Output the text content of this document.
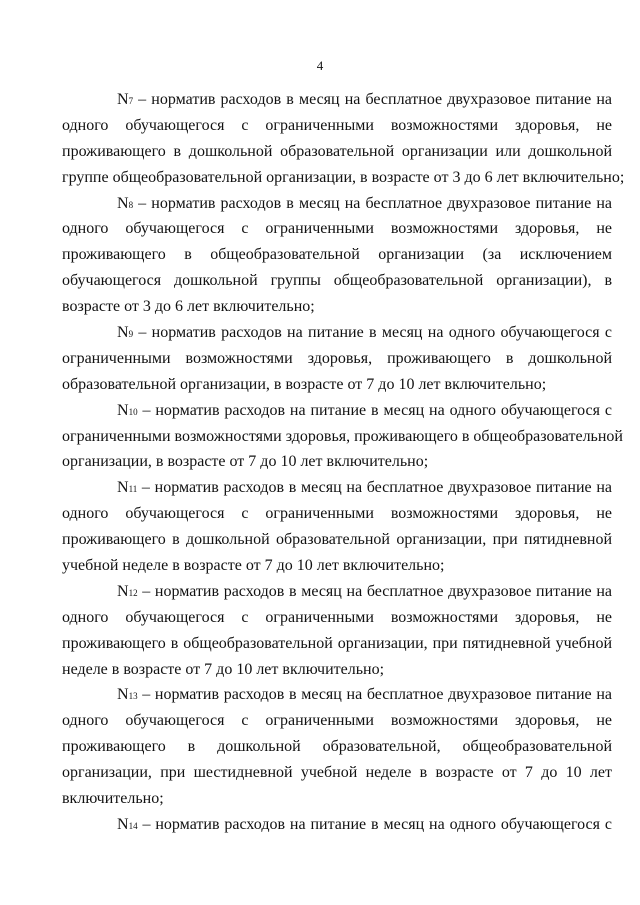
4
N7 – норматив расходов в месяц на бесплатное двухразовое питание на
одного обучающегося с ограниченными возможностями здоровья, не
проживающего в дошкольной образовательной организации или дошкольной
группе общеобразовательной организации, в возрасте от 3 до 6 лет включительно;
N8 – норматив расходов в месяц на бесплатное двухразовое питание на
одного обучающегося с ограниченными возможностями здоровья, не
проживающего в общеобразовательной организации (за исключением
обучающегося дошкольной группы общеобразовательной организации), в
возрасте от 3 до 6 лет включительно;
N9 – норматив расходов на питание в месяц на одного обучающегося с
ограниченными возможностями здоровья, проживающего в дошкольной
образовательной организации, в возрасте от 7 до 10 лет включительно;
N10 – норматив расходов на питание в месяц на одного обучающегося с
ограниченными возможностями здоровья, проживающего в общеобразовательной
организации, в возрасте от 7 до 10 лет включительно;
N11 – норматив расходов в месяц на бесплатное двухразовое питание на
одного обучающегося с ограниченными возможностями здоровья, не
проживающего в дошкольной образовательной организации, при пятидневной
учебной неделе в возрасте от 7 до 10 лет включительно;
N12 – норматив расходов в месяц на бесплатное двухразовое питание на
одного обучающегося с ограниченными возможностями здоровья, не
проживающего в общеобразовательной организации, при пятидневной учебной
неделе в возрасте от 7 до 10 лет включительно;
N13 – норматив расходов в месяц на бесплатное двухразовое питание на
одного обучающегося с ограниченными возможностями здоровья, не
проживающего в дошкольной образовательной, общеобразовательной
организации, при шестидневной учебной неделе в возрасте от 7 до 10 лет
включительно;
N14 – норматив расходов на питание в месяц на одного обучающегося с
